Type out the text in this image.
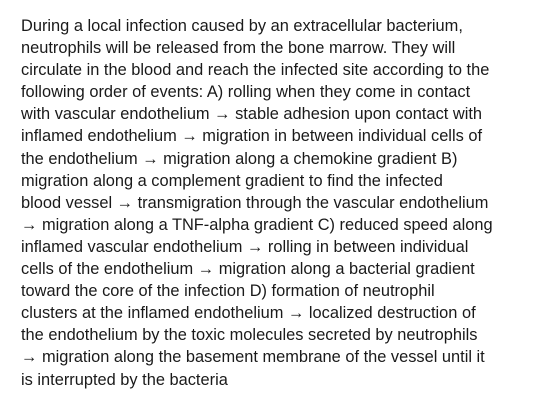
During a local infection caused by an extracellular bacterium,
neutrophils will be released from the bone marrow. They will
circulate in the blood and reach the infected site according to the
following order of events: A) rolling when they come in contact
with vascular endothelium → stable adhesion upon contact with
inflamed endothelium → migration in between individual cells of
the endothelium → migration along a chemokine gradient B)
migration along a complement gradient to find the infected
blood vessel → transmigration through the vascular endothelium
→ migration along a TNF-alpha gradient C) reduced speed along
inflamed vascular endothelium → rolling in between individual
cells of the endothelium → migration along a bacterial gradient
toward the core of the infection D) formation of neutrophil
clusters at the inflamed endothelium → localized destruction of
the endothelium by the toxic molecules secreted by neutrophils
→ migration along the basement membrane of the vessel until it
is interrupted by the bacteria
